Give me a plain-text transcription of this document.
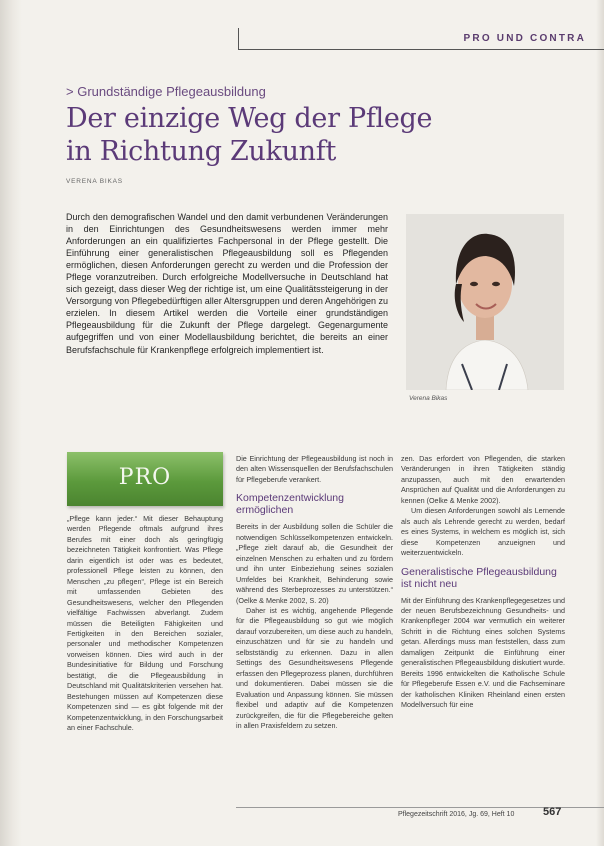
PRO UND CONTRA
> Grundständige Pflegeausbildung
Der einzige Weg der Pflege
in Richtung Zukunft
VERENA BIKAS

Durch den demografischen Wandel und den damit verbundenen Veränderungen in den Einrichtungen des Gesundheitswesens werden immer mehr Anforderungen an ein qualifiziertes Fachpersonal in der Pflege gestellt. Die Einführung einer generalistischen Pflegeausbildung soll es Pflegenden ermöglichen, diesen Anforderungen gerecht zu werden und die Profession der Pflege voranzutreiben. Durch erfolgreiche Modellversuche in Deutschland hat sich gezeigt, dass dieser Weg der richtige ist, um eine Qualitätssteigerung in der Versorgung von Pflegebedürftigen aller Altersgruppen und deren Angehörigen zu erzielen. In diesem Artikel werden die Vorteile einer grundständigen Pflegeausbildung für die Zukunft der Pflege dargelegt. Gegenargumente aufgegriffen und von einer Modellausbildung berichtet, die bereits an einer Berufsfachschule für Krankenpflege erfolgreich implementiert ist.

Verena Bikas
PRO

„Pflege kann jeder.“ Mit dieser Behauptung werden Pflegende oftmals aufgrund ihres Berufes mit einer doch als geringfügig bezeichneten Tätigkeit konfrontiert. Was Pflege darin eigentlich ist oder was es bedeutet, professionell Pflege leisten zu können, den Menschen „zu pflegen“, Pflege ist ein Bereich mit umfassenden Gebieten des Gesundheitswesens, welcher den Pflegenden vielfältige Fachwissen abverlangt. Zudem müssen die Beteiligten Fähigkeiten und Fertigkeiten in den Bereichen sozialer, personaler und methodischer Kompetenzen vorweisen können. Dies wird auch in der Bundesinitiative für Bildung und Forschung bestätigt, die die Pflegeausbildung in Deutschland mit Qualitätskriterien versehen hat. Bestehungen müssen auf Kompetenzen diese Kompetenzen sind — es gibt folgende mit der Kompetenzentwicklung, in den Forschungsarbeit an einer Fachschule.

Die Einrichtung der Pflegeausbildung ist noch in den alten Wissensquellen der Berufsfachschulen für Pflegeberufe verankert.

Kompetenzentwicklung ermöglichen

Bereits in der Ausbildung sollen die Schüler die notwendigen Schlüsselkompetenzen entwickeln. „Pflege zielt darauf ab, die Gesundheit der einzelnen Menschen zu erhalten und zu fördern und ihn unter Einbeziehung seines sozialen Umfeldes bei Krankheit, Behinderung sowie während des Sterbeprozesses zu unterstützen.“ (Oelke & Menke 2002, S. 20)

Daher ist es wichtig, angehende Pflegende für die Pflegeausbildung so gut wie möglich darauf vorzubereiten, um diese auch zu handeln, einzuschätzen und für sie zu handeln und selbstständig zu erkennen. Dazu in allen Settings des Gesundheitswesens Pflegende erfassen den Pflegeprozess planen, durchführen und dokumentieren. Dabei müssen sie die Evaluation und Anpassung können. Sie müssen flexibel und adaptiv auf die Kompetenzen zurückgreifen, die für die Pflegebereiche gelten in allen Praxisfeldern zu setzen.

zen. Das erfordert von Pflegenden, die starken Veränderungen in ihren Tätigkeiten ständig anzupassen, auch mit den erwartenden Ansprüchen auf Qualität und die Anforderungen zu kennen (Oelke & Menke 2002).

Um diesen Anforderungen sowohl als Lernende als auch als Lehrende gerecht zu werden, bedarf es eines Systems, in welchem es möglich ist, sich diese Kompetenzen anzueignen und weiterzuentwickeln.

Generalistische Pflegeausbildung ist nicht neu

Mit der Einführung des Krankenpflegegesetzes und der neuen Berufsbezeichnung Gesundheits- und Krankenpfleger 2004 war vermutlich ein weiterer Schritt in die Richtung eines solchen Systems getan. Allerdings muss man feststellen, dass zum damaligen Zeitpunkt die Einführung einer generalistischen Pflegeausbildung diskutiert wurde. Bereits 1996 entwickelten die Katholische Schule für Pflegeberufe Essen e.V. und die Fachseminare der katholischen Kliniken Rheinland einen ersten Modellversuch für eine

Pflegezeitschrift 2016, Jg. 69, Heft 10	567
